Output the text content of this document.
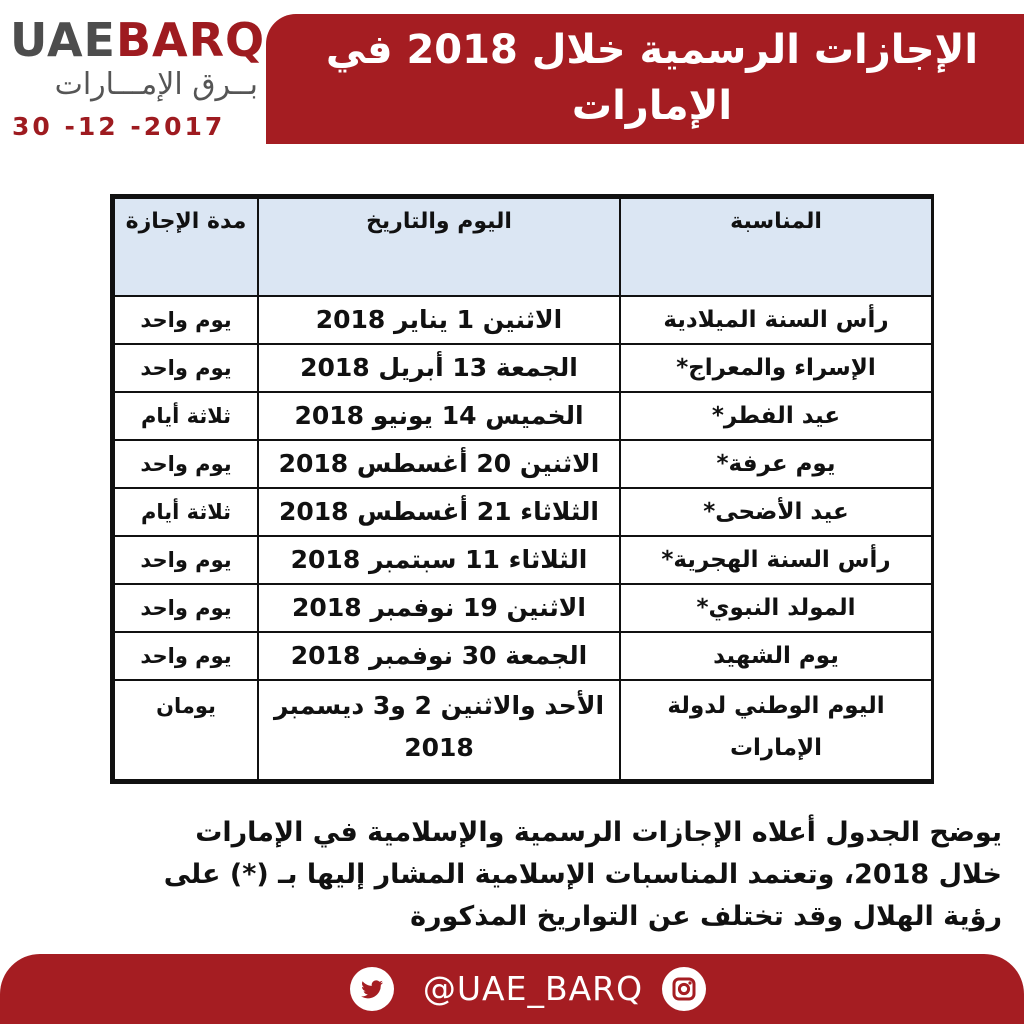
UAEBARQ
بــرق الإمـــارات
30 -12 -2017
الإجازات الرسمية خلال 2018 في الإمارات
المناسبة	اليوم والتاريخ	مدة الإجازة
رأس السنة الميلادية	الاثنين 1 يناير 2018	يوم واحد
الإسراء والمعراج*	الجمعة 13 أبريل 2018	يوم واحد
عيد الفطر*	الخميس 14 يونيو 2018	ثلاثة أيام
يوم عرفة*	الاثنين 20 أغسطس 2018	يوم واحد
عيد الأضحى*	الثلاثاء 21 أغسطس 2018	ثلاثة أيام
رأس السنة الهجرية*	الثلاثاء 11 سبتمبر 2018	يوم واحد
المولد النبوي*	الاثنين 19 نوفمبر 2018	يوم واحد
يوم الشهيد	الجمعة 30 نوفمبر 2018	يوم واحد
اليوم الوطني لدولة الإمارات	الأحد والاثنين 2 و3 ديسمبر 2018	يومان
يوضح الجدول أعلاه الإجازات الرسمية والإسلامية في الإمارات خلال 2018، وتعتمد المناسبات الإسلامية المشار إليها بـ (*) على رؤية الهلال وقد تختلف عن التواريخ المذكورة
@UAE_BARQ
